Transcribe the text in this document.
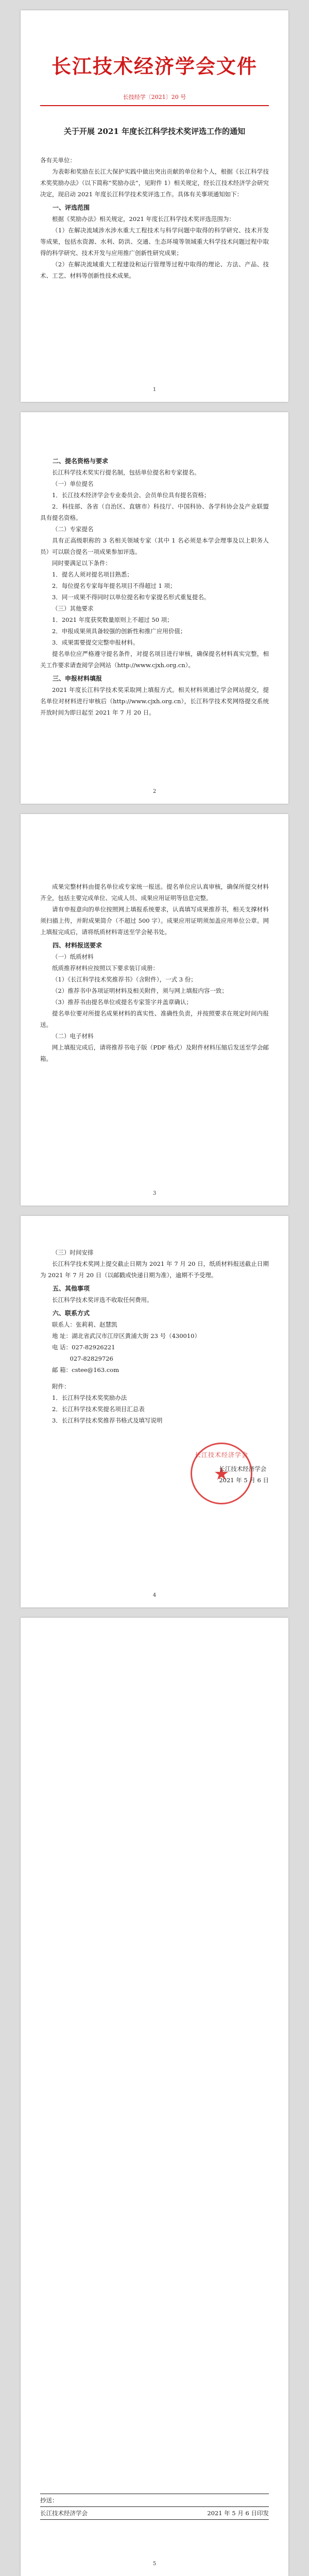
长江技术经济学会文件
长技经学〔2021〕20 号
关于开展 2021 年度长江科学技术奖评选工作的通知

各有关单位：

为表彰和奖励在长江大保护实践中做出突出贡献的单位和个人，根据《长江科学技术奖奖励办法》（以下简称“奖励办法”，见附件 1）相关规定，经长江技术经济学会研究决定，现启动 2021 年度长江科学技术奖评选工作。具体有关事项通知如下：

一、评选范围

根据《奖励办法》相关规定，2021 年度长江科学技术奖评选范围为：

（1）在解决流域涉水涉水重大工程技术与科学问题中取得的科学研究、技术开发等成果，包括水资源、水利、防洪、交通、生态环境等领域重大科学技术问题过程中取得的科学研究、技术开发与应用推广创新性研究成果；

（2）在解决流域重大工程建设和运行管理等过程中取得的理论、方法、产品、技术、工艺、材料等创新性技术成果。

1
二、提名资格与要求

长江科学技术奖实行提名制，包括单位提名和专家提名。

（一）单位提名

1．长江技术经济学会专业委员会、会员单位具有提名资格；

2．科技部、各省（自治区、直辖市）科技厅、中国科协、各学科协会及产业联盟具有提名资格。

（二）专家提名

具有正高级职称的 3 名相关领域专家（其中 1 名必须是本学会理事及以上职务人员）可以联合提名一项成果参加评选。

同时要满足以下条件：

1．提名人须对提名项目熟悉；

2．每位提名专家每年提名项目不得超过 1 项；

3．同一成果不得同时以单位提名和专家提名形式重复提名。

（三）其他要求

1．2021 年度获奖数量原则上不超过 50 项；

2．申报成果须具备较强的创新性和推广应用价值；

3．成果需要提交完整申报材料。

提名单位应严格遵守提名条件，对提名项目进行审核，确保提名材料真实完整，相关工作要求请查阅学会网站（http://www.cjxh.org.cn）。

三、申报材料填报

2021 年度长江科学技术奖采取网上填报方式。相关材料须通过学会网站提交，提名单位对材料进行审核后（http://www.cjxh.org.cn），长江科学技术奖网络提交系统开放时间为即日起至 2021 年 7 月 20 日。

2

成果完整材料由提名单位或专家统一报送。提名单位应认真审核，确保所提交材料齐全，包括主要完成单位、完成人员、成果应用证明等信息完整。

请有申报意向的单位按照网上填报系统要求，认真填写成果推荐书，相关支撑材料须扫描上传，并附成果简介（不超过 500 字）。成果应用证明须加盖应用单位公章。网上填报完成后，请将纸质材料寄送至学会秘书处。

四、材料报送要求
（一）纸质材料

纸质推荐材料应按照以下要求装订成册：

（1）《长江科学技术奖推荐书》（含附件），一式 3 份；

（2）推荐书中各项证明材料及相关附件，须与网上填报内容一致；

（3）推荐书由提名单位或提名专家签字并盖章确认；

提名单位要对所提名成果材料的真实性、准确性负责，并按照要求在规定时间内报送。

（二）电子材料

网上填报完成后，请将推荐书电子版（PDF 格式）及附件材料压缩后发送至学会邮箱。

3
（三）时间安排

长江科学技术奖网上提交截止日期为 2021 年 7 月 20 日，纸质材料报送截止日期为 2021 年 7 月 20 日（以邮戳或快递日期为准），逾期不予受理。

五、其他事项

长江科学技术奖评选不收取任何费用。

六、联系方式

联系人：张莉莉、赵慧凯

地 址：湖北省武汉市江岸区黄浦大街 23 号（430010）

电 话：027-82926221

027-82829726

邮 箱：cstee@163.com

附件：

1．长江科学技术奖奖励办法

2．长江科学技术奖提名项目汇总表

3．长江科学技术奖推荐书格式及填写说明

长江技术经济学会
★

长江技术经济学会

2021 年 5 月 6 日

4
抄送：
长江技术经济学会	2021 年 5 月 6 日印发
5
